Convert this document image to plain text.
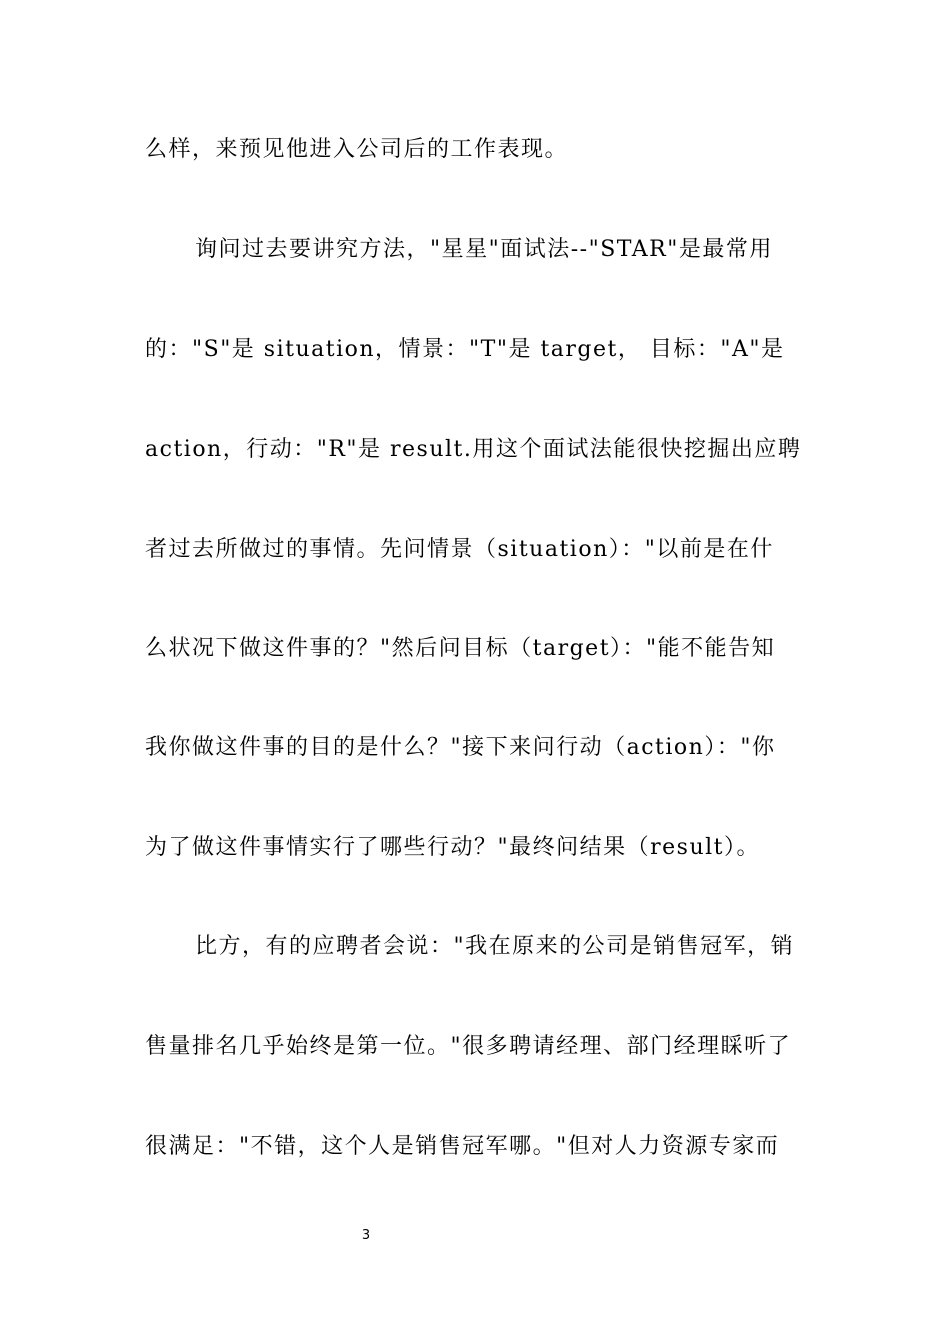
么样，来预见他进入公司后的工作表现。
询问过去要讲究方法，"星星"面试法--"STAR"是最常用
的："S"是 situation，情景："T"是 target， 目标："A"是
action，行动："R"是 result.用这个面试法能很快挖掘出应聘
者过去所做过的事情。先问情景（situation）："以前是在什
么状况下做这件事的？"然后问目标（target）："能不能告知
我你做这件事的目的是什么？"接下来问行动（action）："你
为了做这件事情实行了哪些行动？"最终问结果（result）。
比方，有的应聘者会说："我在原来的公司是销售冠军，销
售量排名几乎始终是第一位。"很多聘请经理、部门经理睬听了
很满足："不错，这个人是销售冠军哪。"但对人力资源专家而
3
